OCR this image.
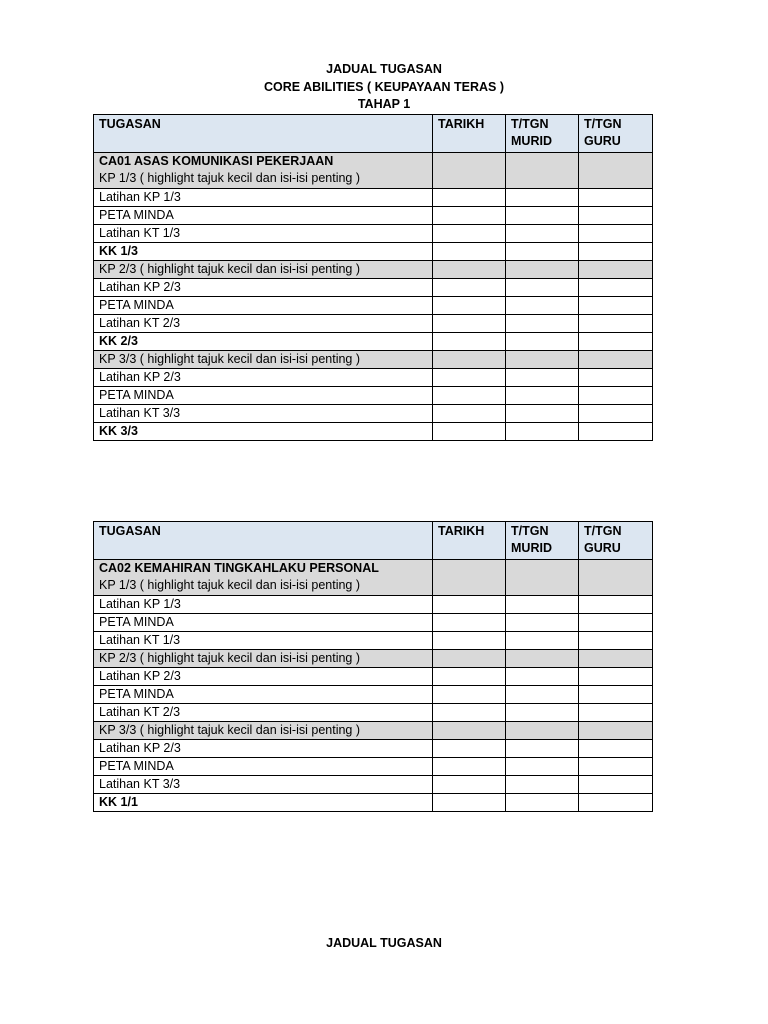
JADUAL TUGASAN
CORE ABILITIES ( KEUPAYAAN TERAS )
TAHAP 1
TUGASAN	TARIKH	T/TGN MURID	T/TGN GURU

CA01 ASAS KOMUNIKASI PEKERJAAN
KP 1/3 ( highlight tajuk kecil dan isi-isi penting )			
Latihan KP 1/3			
PETA MINDA			
Latihan KT 1/3			
KK 1/3			
KP 2/3 ( highlight tajuk kecil dan isi-isi penting )			
Latihan KP 2/3			
PETA MINDA			
Latihan KT 2/3			
KK 2/3			
KP 3/3 ( highlight tajuk kecil dan isi-isi penting )			
Latihan KP 2/3			
PETA MINDA			
Latihan KT 3/3			
KK 3/3			
TUGASAN	TARIKH	T/TGN MURID	T/TGN GURU

CA02 KEMAHIRAN TINGKAHLAKU PERSONAL
KP 1/3 ( highlight tajuk kecil dan isi-isi penting )			
Latihan KP 1/3			
PETA MINDA			
Latihan KT 1/3			
KP 2/3 ( highlight tajuk kecil dan isi-isi penting )			
Latihan KP 2/3			
PETA MINDA			
Latihan KT 2/3			
KP 3/3 ( highlight tajuk kecil dan isi-isi penting )			
Latihan KP 2/3			
PETA MINDA			
Latihan KT 3/3			
KK 1/1			
JADUAL TUGASAN
